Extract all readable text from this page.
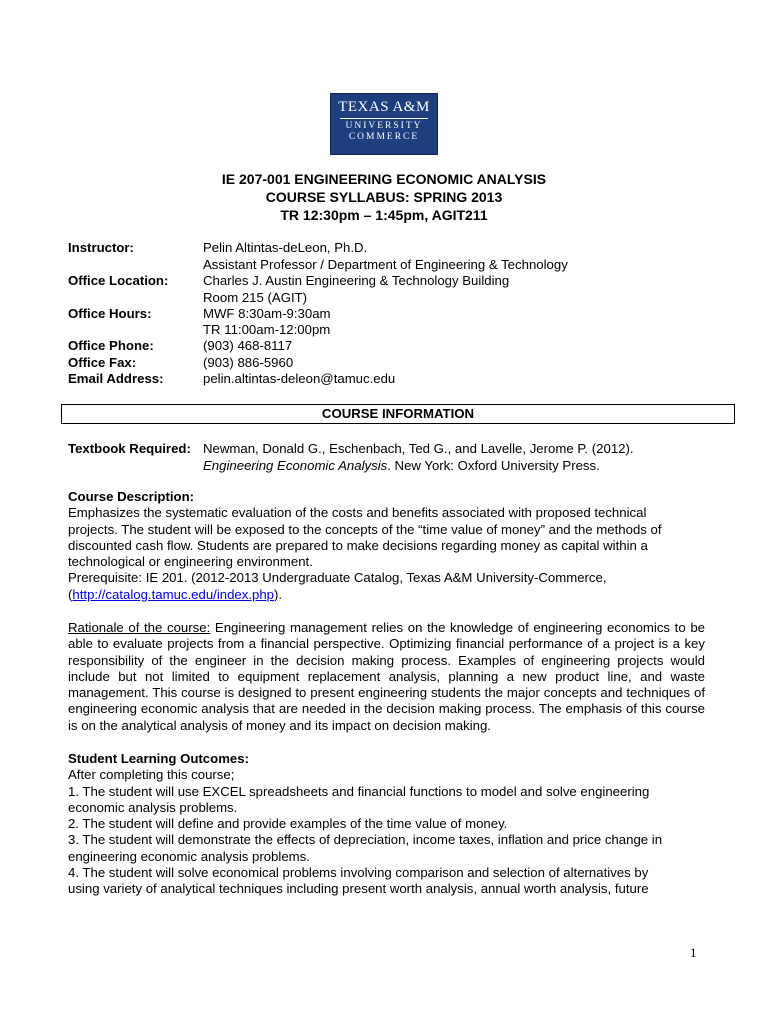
TEXAS A&M
UNIVERSITY
COMMERCE
IE 207-001 ENGINEERING ECONOMIC ANALYSIS
COURSE SYLLABUS: SPRING 2013
TR 12:30pm – 1:45pm, AGIT211
Instructor:	Pelin Altintas-deLeon, Ph.D.
Assistant Professor / Department of Engineering & Technology
Office Location:	Charles J. Austin Engineering & Technology Building
Room 215 (AGIT)
Office Hours:	MWF 8:30am-9:30am
TR 11:00am-12:00pm
Office Phone:	(903) 468-8117
Office Fax:	(903) 886-5960
Email Address:	pelin.altintas-deleon@tamuc.edu
COURSE INFORMATION
Textbook Required: Newman, Donald G., Eschenbach, Ted G., and Lavelle, Jerome P. (2012).
Engineering Economic Analysis. New York: Oxford University Press.
Course Description:
Emphasizes the systematic evaluation of the costs and benefits associated with proposed technical
projects. The student will be exposed to the concepts of the “time value of money” and the methods of
discounted cash flow. Students are prepared to make decisions regarding money as capital within a
technological or engineering environment.
Prerequisite: IE 201. (2012-2013 Undergraduate Catalog, Texas A&M University-Commerce,
(http://catalog.tamuc.edu/index.php).
Rationale of the course: Engineering management relies on the knowledge of engineering economics to be able to evaluate projects from a financial perspective. Optimizing financial performance of a project is a key responsibility of the engineer in the decision making process. Examples of engineering projects would include but not limited to equipment replacement analysis, planning a new product line, and waste management. This course is designed to present engineering students the major concepts and techniques of engineering economic analysis that are needed in the decision making process. The emphasis of this course is on the analytical analysis of money and its impact on decision making.
Student Learning Outcomes:
After completing this course;
1. The student will use EXCEL spreadsheets and financial functions to model and solve engineering
economic analysis problems.
2. The student will define and provide examples of the time value of money.
3. The student will demonstrate the effects of depreciation, income taxes, inflation and price change in
engineering economic analysis problems.
4. The student will solve economical problems involving comparison and selection of alternatives by
using variety of analytical techniques including present worth analysis, annual worth analysis, future
1
